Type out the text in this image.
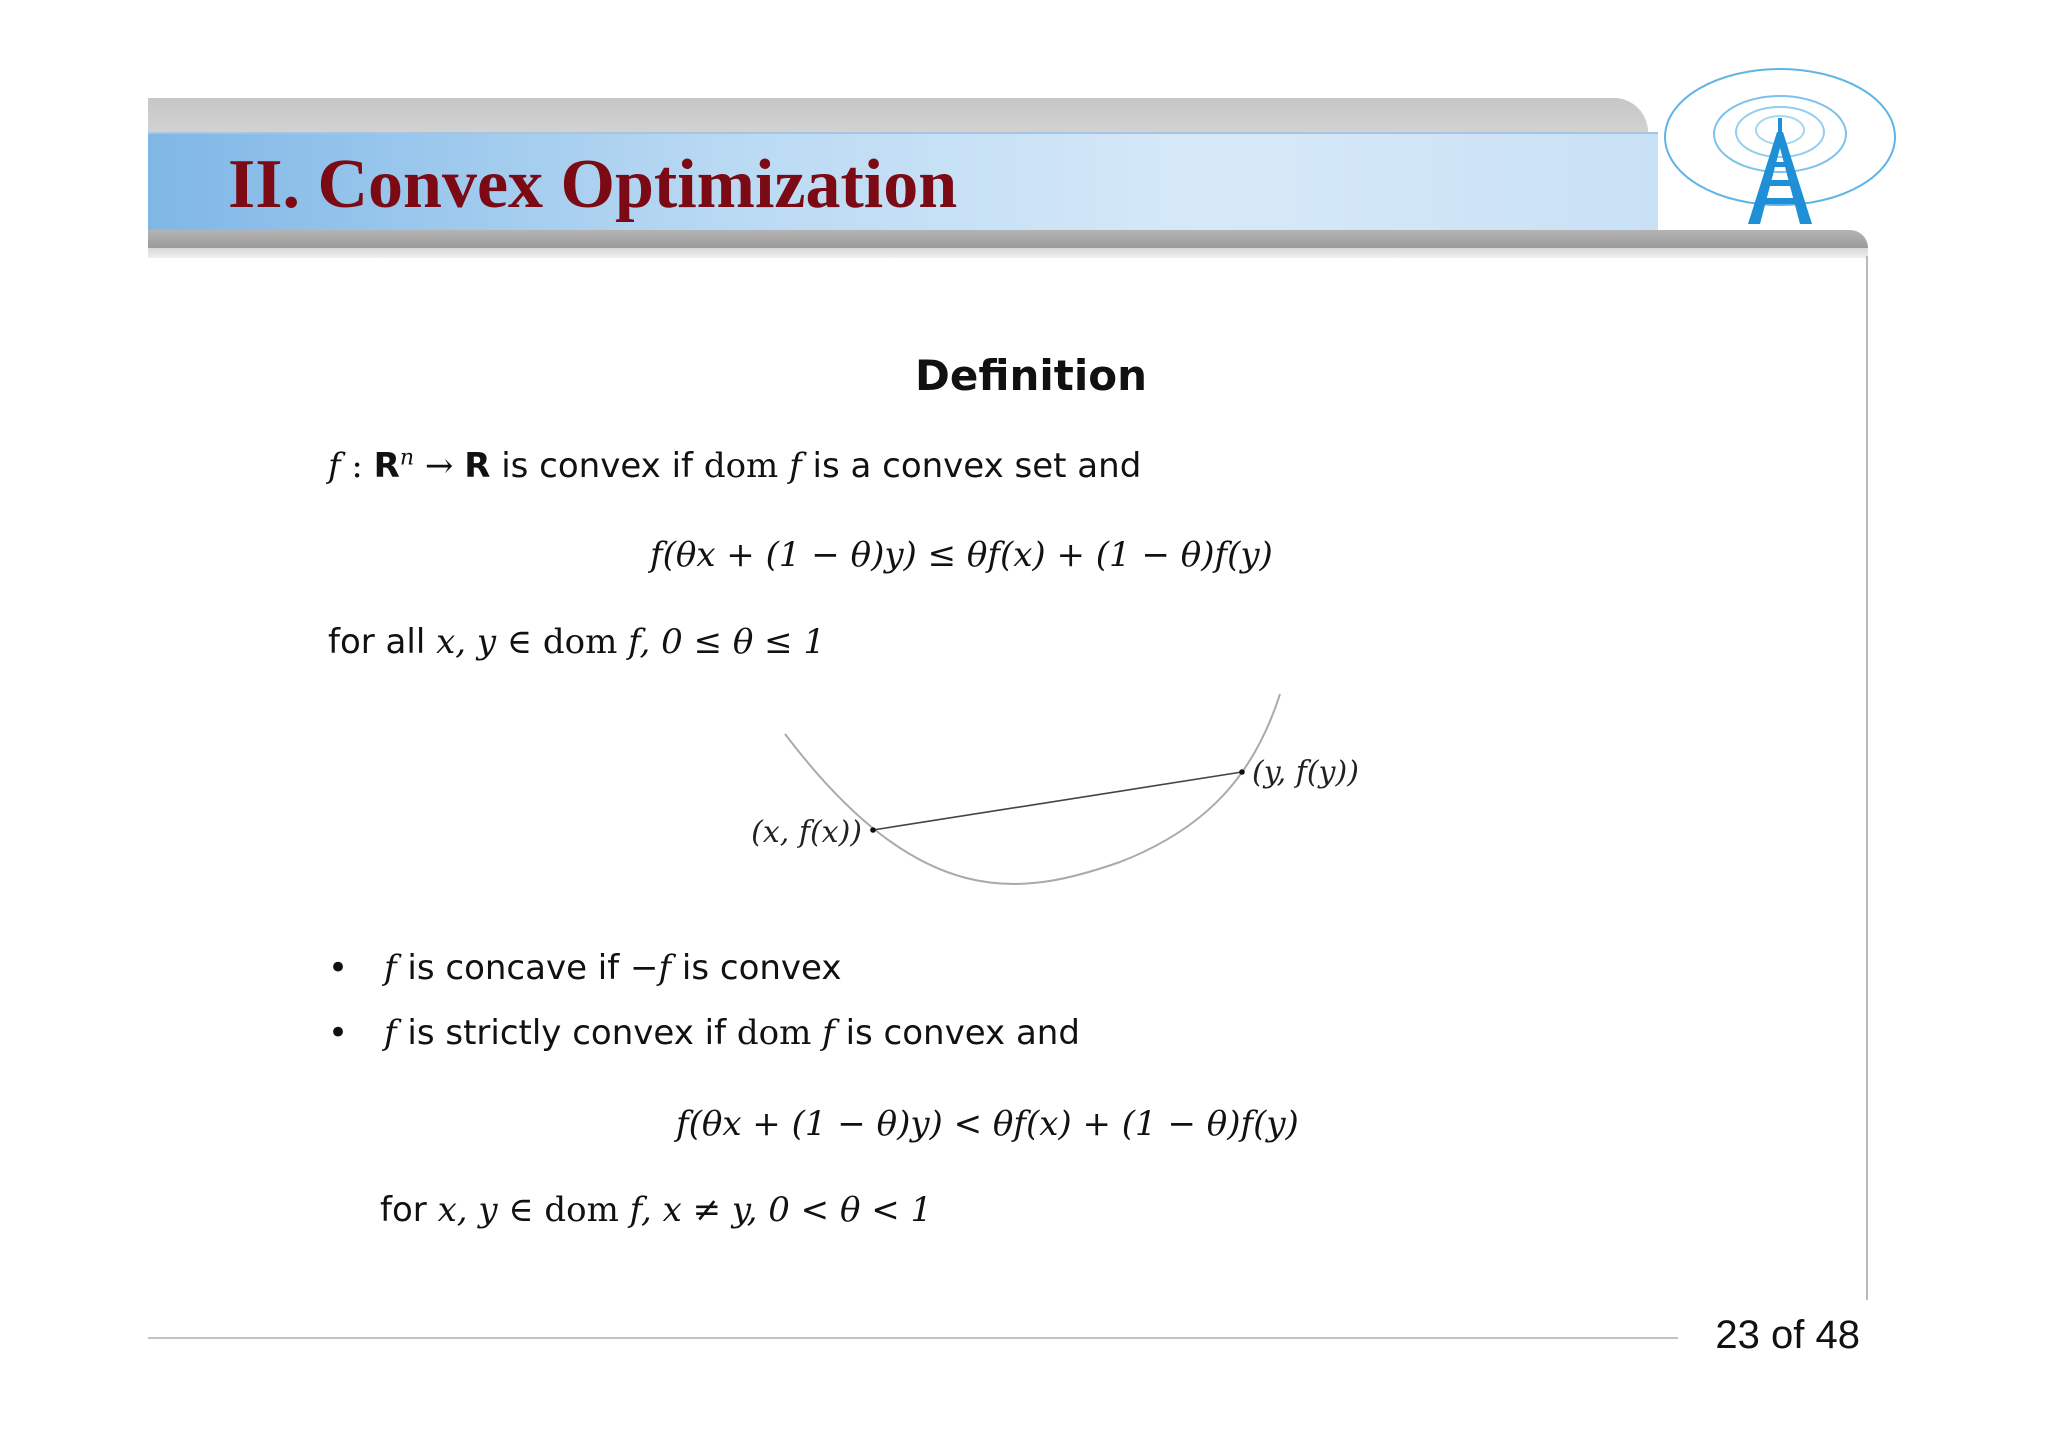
II. Convex Optimization
23 of 48
Definition
f : $R^n \to R$ is convex if dom f is a convex set and
f(θx + (1 − θ)y) ≤ θf(x) + (1 − θ)f(y)
for all x, y ∈ dom f, 0 ≤ θ ≤ 1
(x, f(x))
(y, f(y))
• f is concave if −f is convex
• f is strictly convex if dom f is convex and
f(θx + (1 − θ)y) < θf(x) + (1 − θ)f(y)
for x, y ∈ dom f, x ≠ y, 0 < θ < 1
